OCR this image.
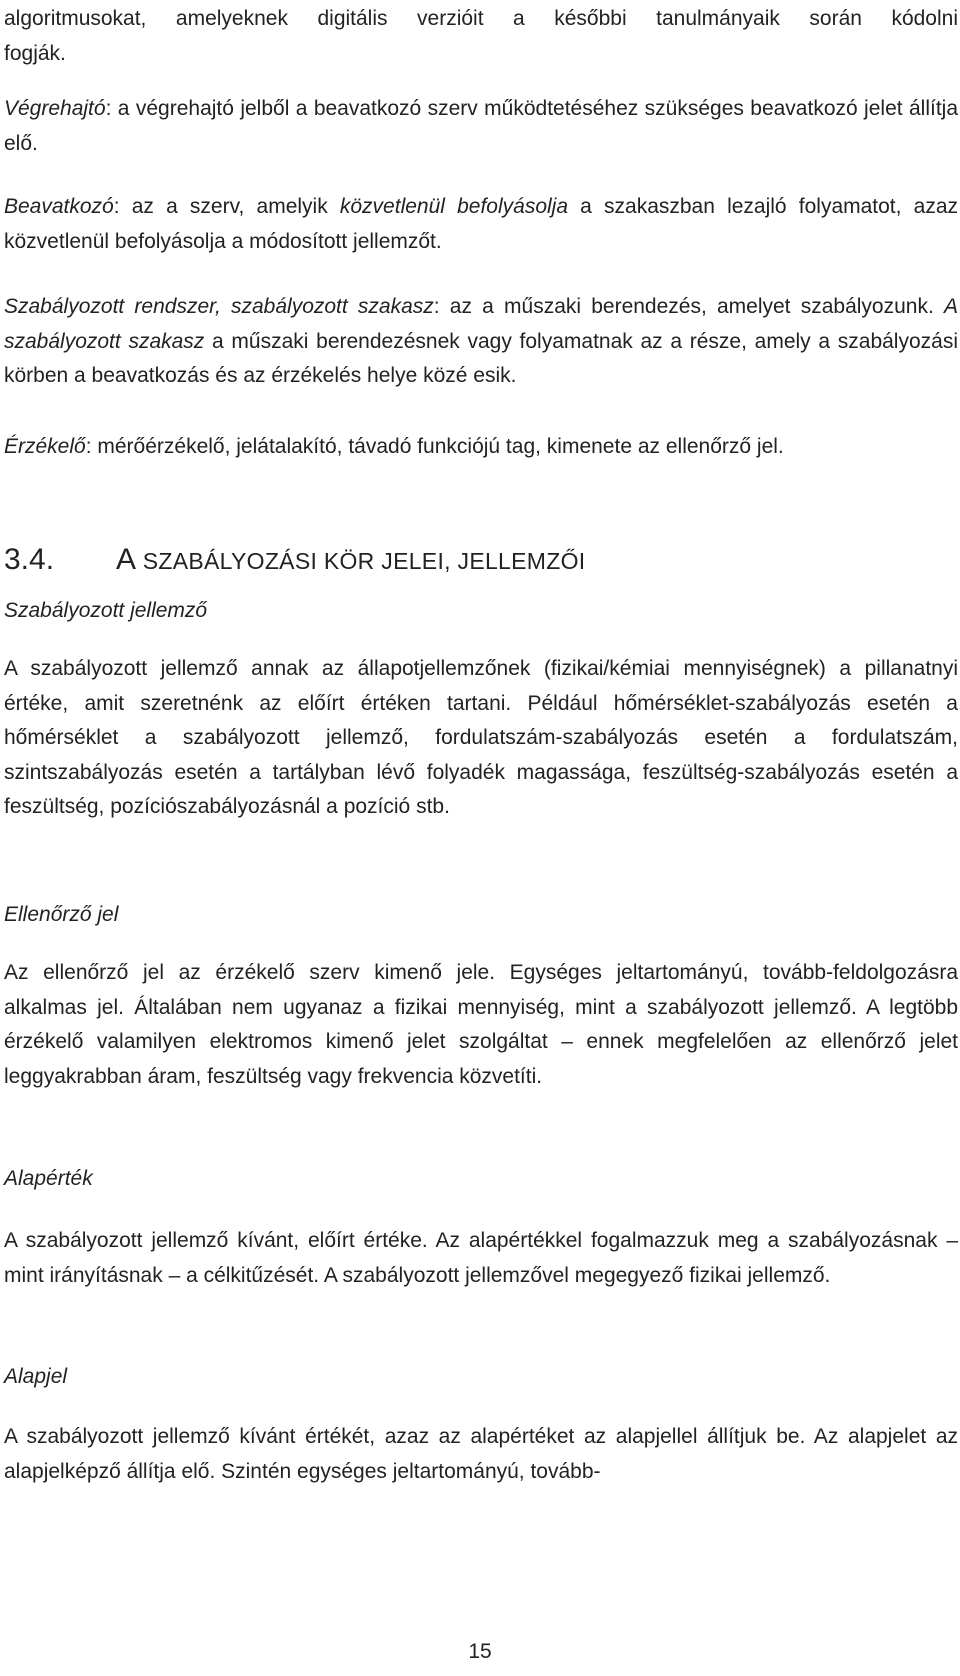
algoritmusokat, amelyeknek digitális verzióit a későbbi tanulmányaik során kódolni
fogják.

Végrehajtó: a végrehajtó jelből a beavatkozó szerv működtetéséhez szükséges beavatkozó jelet állítja elő.

Beavatkozó: az a szerv, amelyik közvetlenül befolyásolja a szakaszban lezajló folyamatot, azaz közvetlenül befolyásolja a módosított jellemzőt.

Szabályozott rendszer, szabályozott szakasz: az a műszaki berendezés, amelyet szabályozunk. A szabályozott szakasz a műszaki berendezésnek vagy folyamatnak az a része, amely a szabályozási körben a beavatkozás és az érzékelés helye közé esik.

Érzékelő: mérőérzékelő, jelátalakító, távadó funkciójú tag, kimenete az ellenőrző jel.

3.4. A SZABÁLYOZÁSI KÖR JELEI, JELLEMZŐI
Szabályozott jellemző

A szabályozott jellemző annak az állapotjellemzőnek (fizikai/kémiai mennyiségnek) a pillanatnyi értéke, amit szeretnénk az előírt értéken tartani. Például hőmérséklet-szabályozás esetén a hőmérséklet a szabályozott jellemző, fordulatszám-szabályozás esetén a fordulatszám, szintszabályozás esetén a tartályban lévő folyadék magassága, feszültség-szabályozás esetén a feszültség, pozíciószabályozásnál a pozíció stb.

Ellenőrző jel

Az ellenőrző jel az érzékelő szerv kimenő jele. Egységes jeltartományú, tovább-feldolgozásra alkalmas jel. Általában nem ugyanaz a fizikai mennyiség, mint a szabályozott jellemző. A legtöbb érzékelő valamilyen elektromos kimenő jelet szolgáltat – ennek megfelelően az ellenőrző jelet leggyakrabban áram, feszültség vagy frekvencia közvetíti.

Alapérték

A szabályozott jellemző kívánt, előírt értéke. Az alapértékkel fogalmazzuk meg a szabályozásnak – mint irányításnak – a célkitűzését. A szabályozott jellemzővel megegyező fizikai jellemző.

Alapjel

A szabályozott jellemző kívánt értékét, azaz az alapértéket az alapjellel állítjuk be. Az alapjelet az alapjelképző állítja elő. Szintén egységes jeltartományú, tovább-

15
